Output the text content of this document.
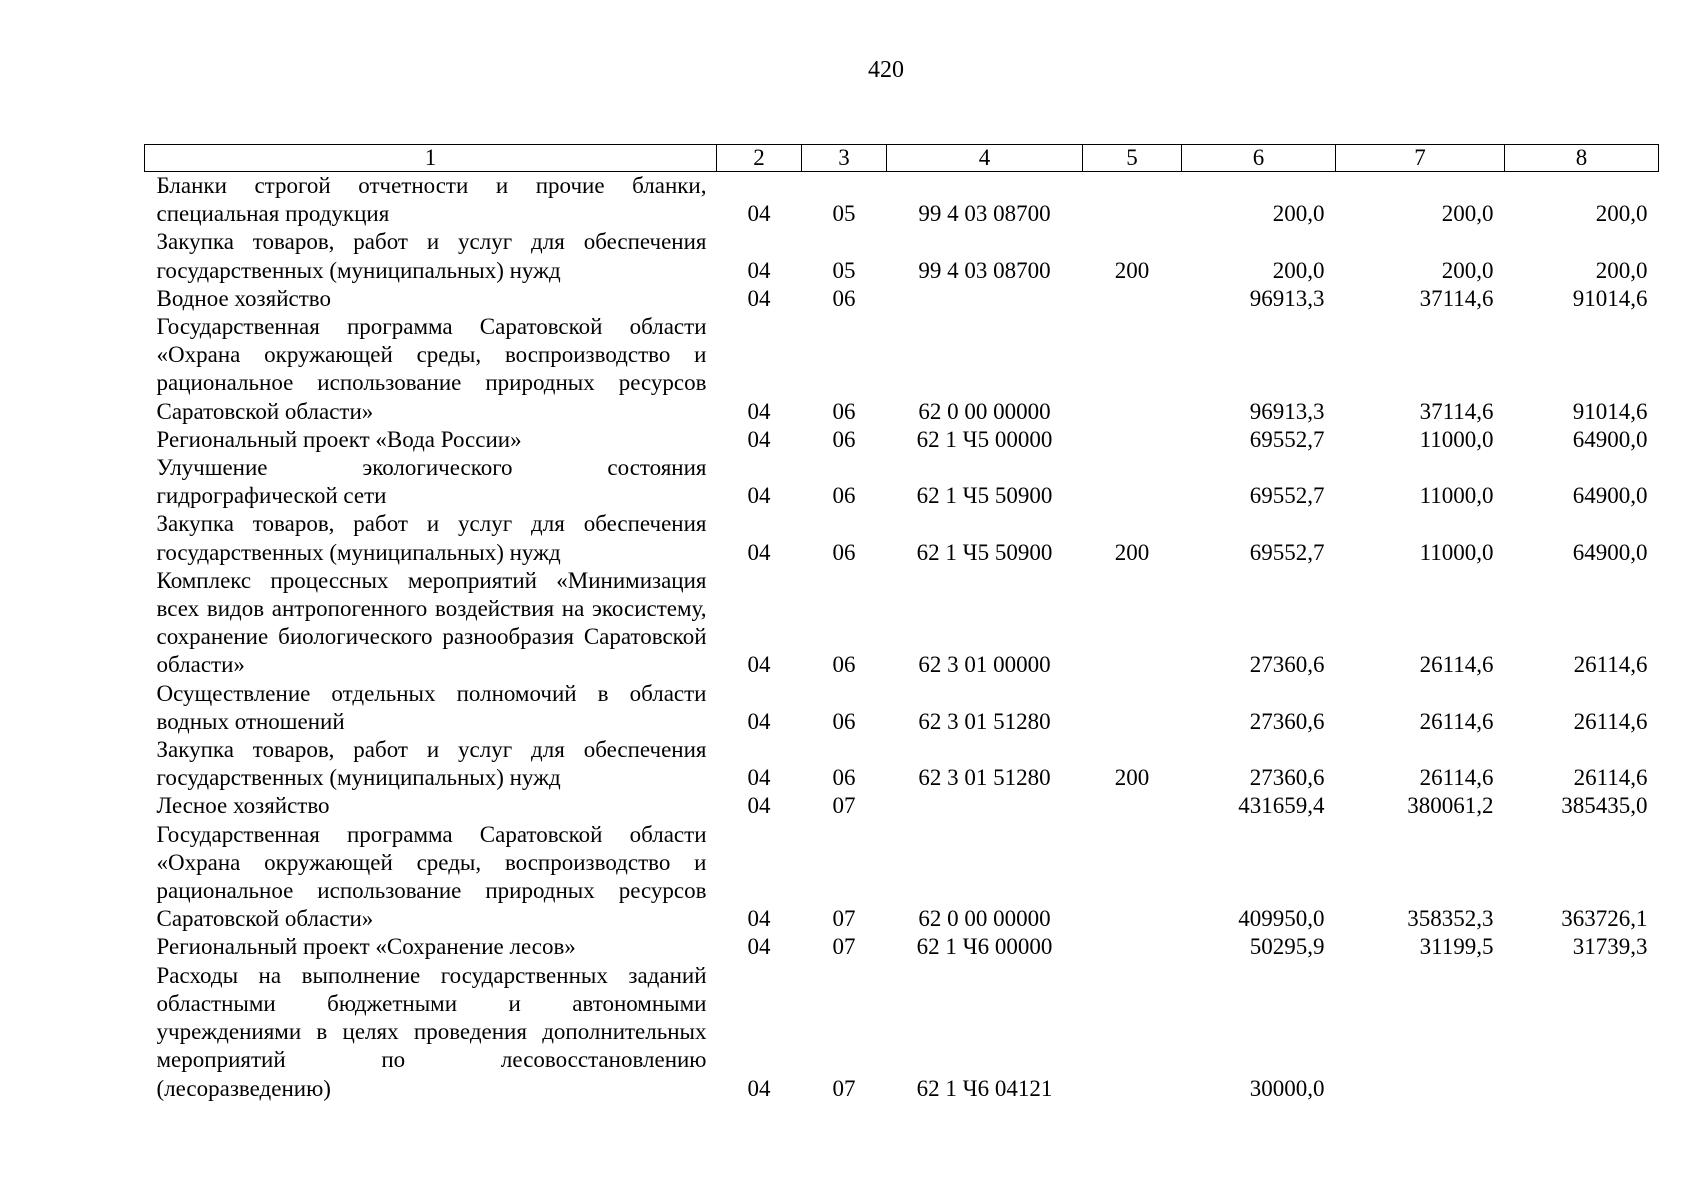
420
1	2	3	4	5	6	7	8
Бланки строгой отчетности и прочие бланки, специальная продукция	04	05	99 4 03 08700		200,0	200,0	200,0
Закупка товаров, работ и услуг для обеспечения государственных (муниципальных) нужд	04	05	99 4 03 08700	200	200,0	200,0	200,0
Водное хозяйство	04	06			96913,3	37114,6	91014,6
Государственная программа Саратовской области «Охрана окружающей среды, воспроизводство и рациональное использование природных ресурсов Саратовской области»	04	06	62 0 00 00000		96913,3	37114,6	91014,6
Региональный проект «Вода России»	04	06	62 1 Ч5 00000		69552,7	11000,0	64900,0
Улучшение экологического состояния гидрографической сети	04	06	62 1 Ч5 50900		69552,7	11000,0	64900,0
Закупка товаров, работ и услуг для обеспечения государственных (муниципальных) нужд	04	06	62 1 Ч5 50900	200	69552,7	11000,0	64900,0
Комплекс процессных мероприятий «Минимизация всех видов антропогенного воздействия на экосистему, сохранение биологического разнообразия Саратовской области»	04	06	62 3 01 00000		27360,6	26114,6	26114,6
Осуществление отдельных полномочий в области водных отношений	04	06	62 3 01 51280		27360,6	26114,6	26114,6
Закупка товаров, работ и услуг для обеспечения государственных (муниципальных) нужд	04	06	62 3 01 51280	200	27360,6	26114,6	26114,6
Лесное хозяйство	04	07			431659,4	380061,2	385435,0
Государственная программа Саратовской области «Охрана окружающей среды, воспроизводство и рациональное использование природных ресурсов Саратовской области»	04	07	62 0 00 00000		409950,0	358352,3	363726,1
Региональный проект «Сохранение лесов»	04	07	62 1 Ч6 00000		50295,9	31199,5	31739,3
Расходы на выполнение государственных заданий областными бюджетными и автономными учреждениями в целях проведения дополнительных мероприятий по лесовосстановлению (лесоразведению)	04	07	62 1 Ч6 04121		30000,0		
